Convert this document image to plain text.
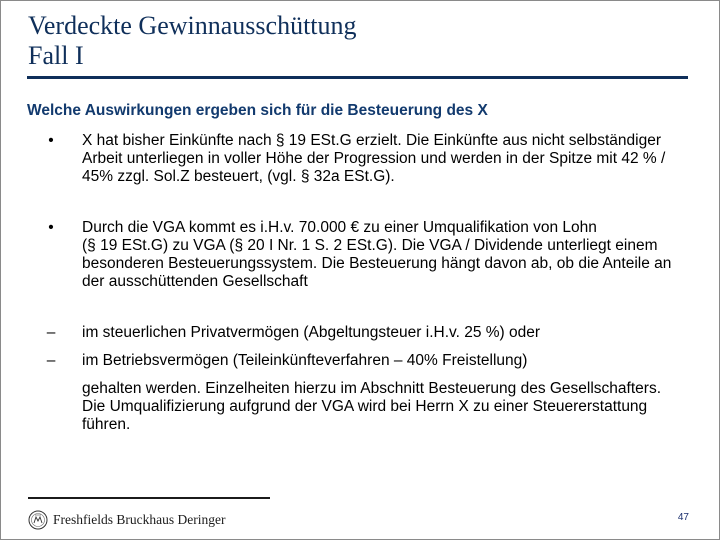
Verdeckte Gewinnausschüttung
Fall I
Welche Auswirkungen ergeben sich für die Besteuerung des X
•	X hat bisher Einkünfte nach § 19 ESt.G erzielt. Die Einkünfte aus nicht selbständiger Arbeit unterliegen in voller Höhe der Progression und werden in der Spitze mit 42 % / 45% zzgl. Sol.Z besteuert, (vgl. § 32a ESt.G).
•	Durch die VGA kommt es i.H.v. 70.000 € zu einer Umqualifikation von Lohn
(§ 19 ESt.G) zu VGA (§ 20 I Nr. 1 S. 2 ESt.G). Die VGA / Dividende unterliegt einem besonderen Besteuerungssystem. Die Besteuerung hängt davon ab, ob die Anteile an der ausschüttenden Gesellschaft
–	im steuerlichen Privatvermögen (Abgeltungsteuer i.H.v. 25 %) oder
–	im Betriebsvermögen (Teileinkünfteverfahren – 40% Freistellung)
gehalten werden. Einzelheiten hierzu im Abschnitt Besteuerung des Gesellschafters. Die Umqualifizierung aufgrund der VGA wird bei Herrn X zu einer Steuererstattung führen.
Freshfields Bruckhaus Deringer	47
